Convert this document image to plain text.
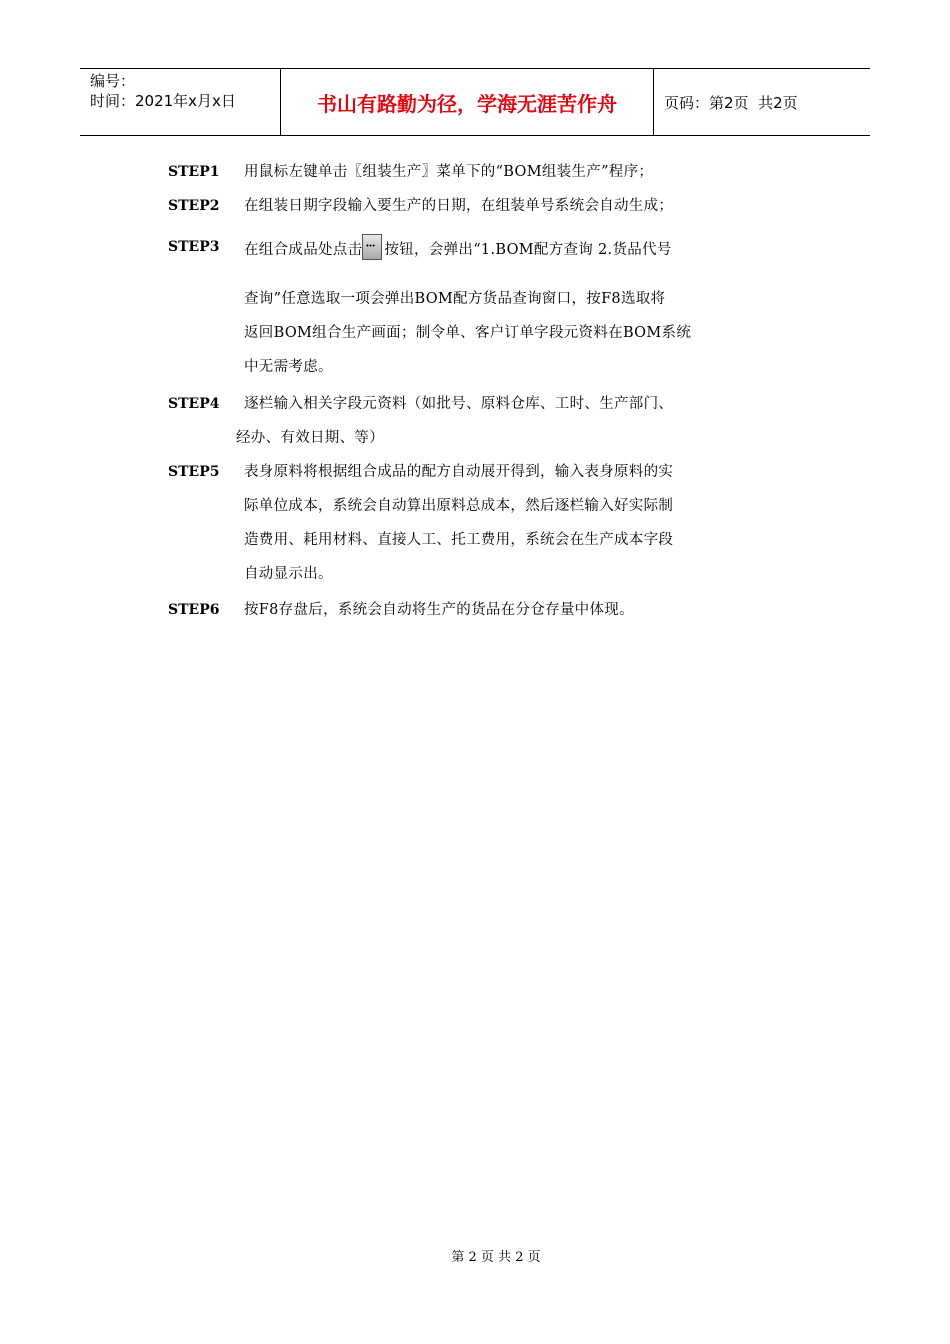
编号：
时间：2021年x月x日	书山有路勤为径，学海无涯苦作舟	页码：第2页  共2页
STEP1	用鼠标左键单击〖组装生产〗菜单下的“BOM组装生产”程序；
STEP2	在组装日期字段输入要生产的日期，在组装单号系统会自动生成；
STEP3	在组合成品处点击••• 按钮，会弹出“1.BOM配方查询 2.货品代号
查询”任意选取一项会弹出BOM配方货品查询窗口，按F8选取将
返回BOM组合生产画面；制令单、客户订单字段元资料在BOM系统
中无需考虑。
STEP4	逐栏输入相关字段元资料（如批号、原料仓库、工时、生产部门、
经办、有效日期、等）
STEP5	表身原料将根据组合成品的配方自动展开得到，输入表身原料的实
际单位成本，系统会自动算出原料总成本，然后逐栏输入好实际制
造费用、耗用材料、直接人工、托工费用，系统会在生产成本字段
自动显示出。
STEP6	按F8存盘后，系统会自动将生产的货品在分仓存量中体现。
第 2 页 共 2 页
